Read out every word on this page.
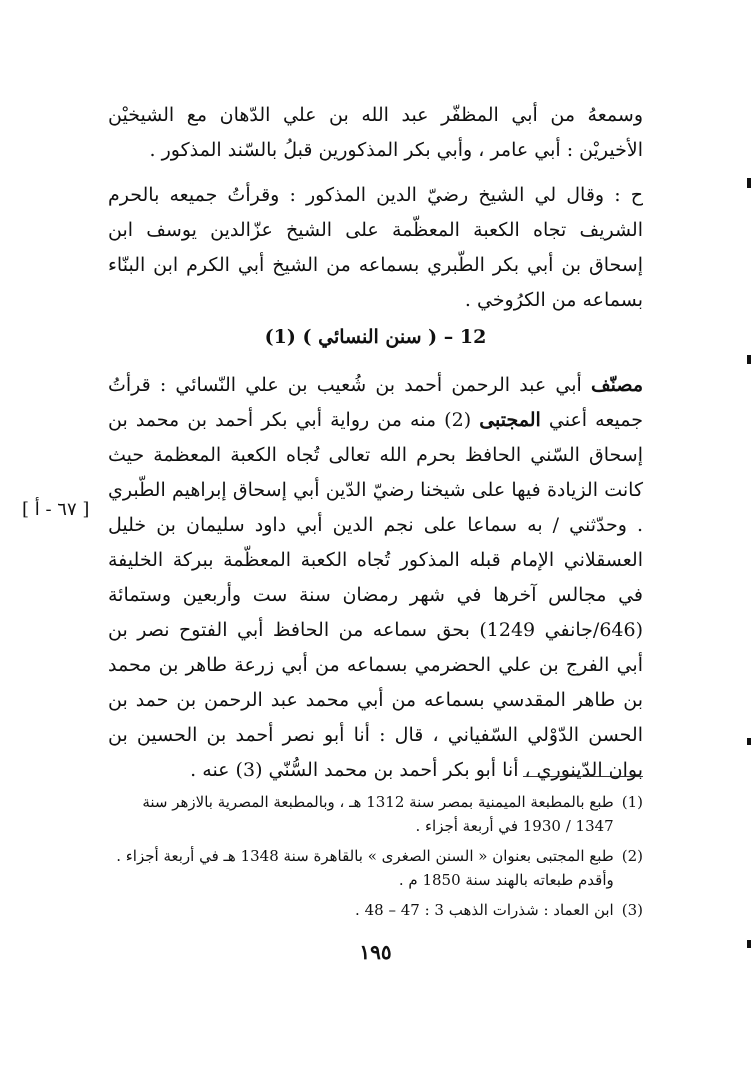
وسمعهُ من أبي المظفّر عبد الله بن علي الدّهان مع الشيخيْن الأخيريْن : أبي عامر ، وأبي بكر المذكورين قبلُ بالسّند المذكور .

ح : وقال لي الشيخ رضيّ الدين المذكور : وقرأتُ جميعه بالحرم الشريف تجاه الكعبة المعظّمة على الشيخ عزّالدين يوسف ابن إسحاق بن أبي بكر الطّبري بسماعه من الشيخ أبي الكرم ابن البنّاء بسماعه من الكرُوخي .

12 – ( سنن النسائي ) (1)

مصنّف أبي عبد الرحمن أحمد بن شُعيب بن علي النّسائي : قرأتُ جميعه أعني المجتبى (2) منه من رواية أبي بكر أحمد بن محمد بن إسحاق السّني الحافظ بحرم الله تعالى تُجاه الكعبة المعظمة حيث كانت الزيادة فيها على شيخنا رضيّ الدّين أبي إسحاق إبراهيم الطّبري . وحدّثني / به سماعا على نجم الدين أبي داود سليمان بن خليل العسقلاني الإمام قبله المذكور تُجاه الكعبة المعظّمة ببركة الخليفة في مجالس آخرها في شهر رمضان سنة ست وأربعين وستمائة (646/جانفي 1249) بحق سماعه من الحافظ أبي الفتوح نصر بن أبي الفرج بن علي الحضرمي بسماعه من أبي زرعة طاهر بن محمد بن طاهر المقدسي بسماعه من أبي محمد عبد الرحمن بن حمد بن الحسن الدّوْلي السّفياني ، قال : أنا أبو نصر أحمد بن الحسين بن بوان الدّينوري ، أنا أبو بكر أحمد بن محمد السُّنّي (3) عنه .

[ ٦٧ - أ ]
(1)
طبع بالمطبعة الميمنية بمصر سنة 1312 هـ ، وبالمطبعة المصرية بالازهر سنة 1347 / 1930 في أربعة أجزاء .
(2)
طبع المجتبى بعنوان « السنن الصغرى » بالقاهرة سنة 1348 هـ في أربعة أجزاء . وأقدم طبعاته بالهند سنة 1850 م .
(3)
ابن العماد : شذرات الذهب 3 : 47 – 48 .
١٩٥
